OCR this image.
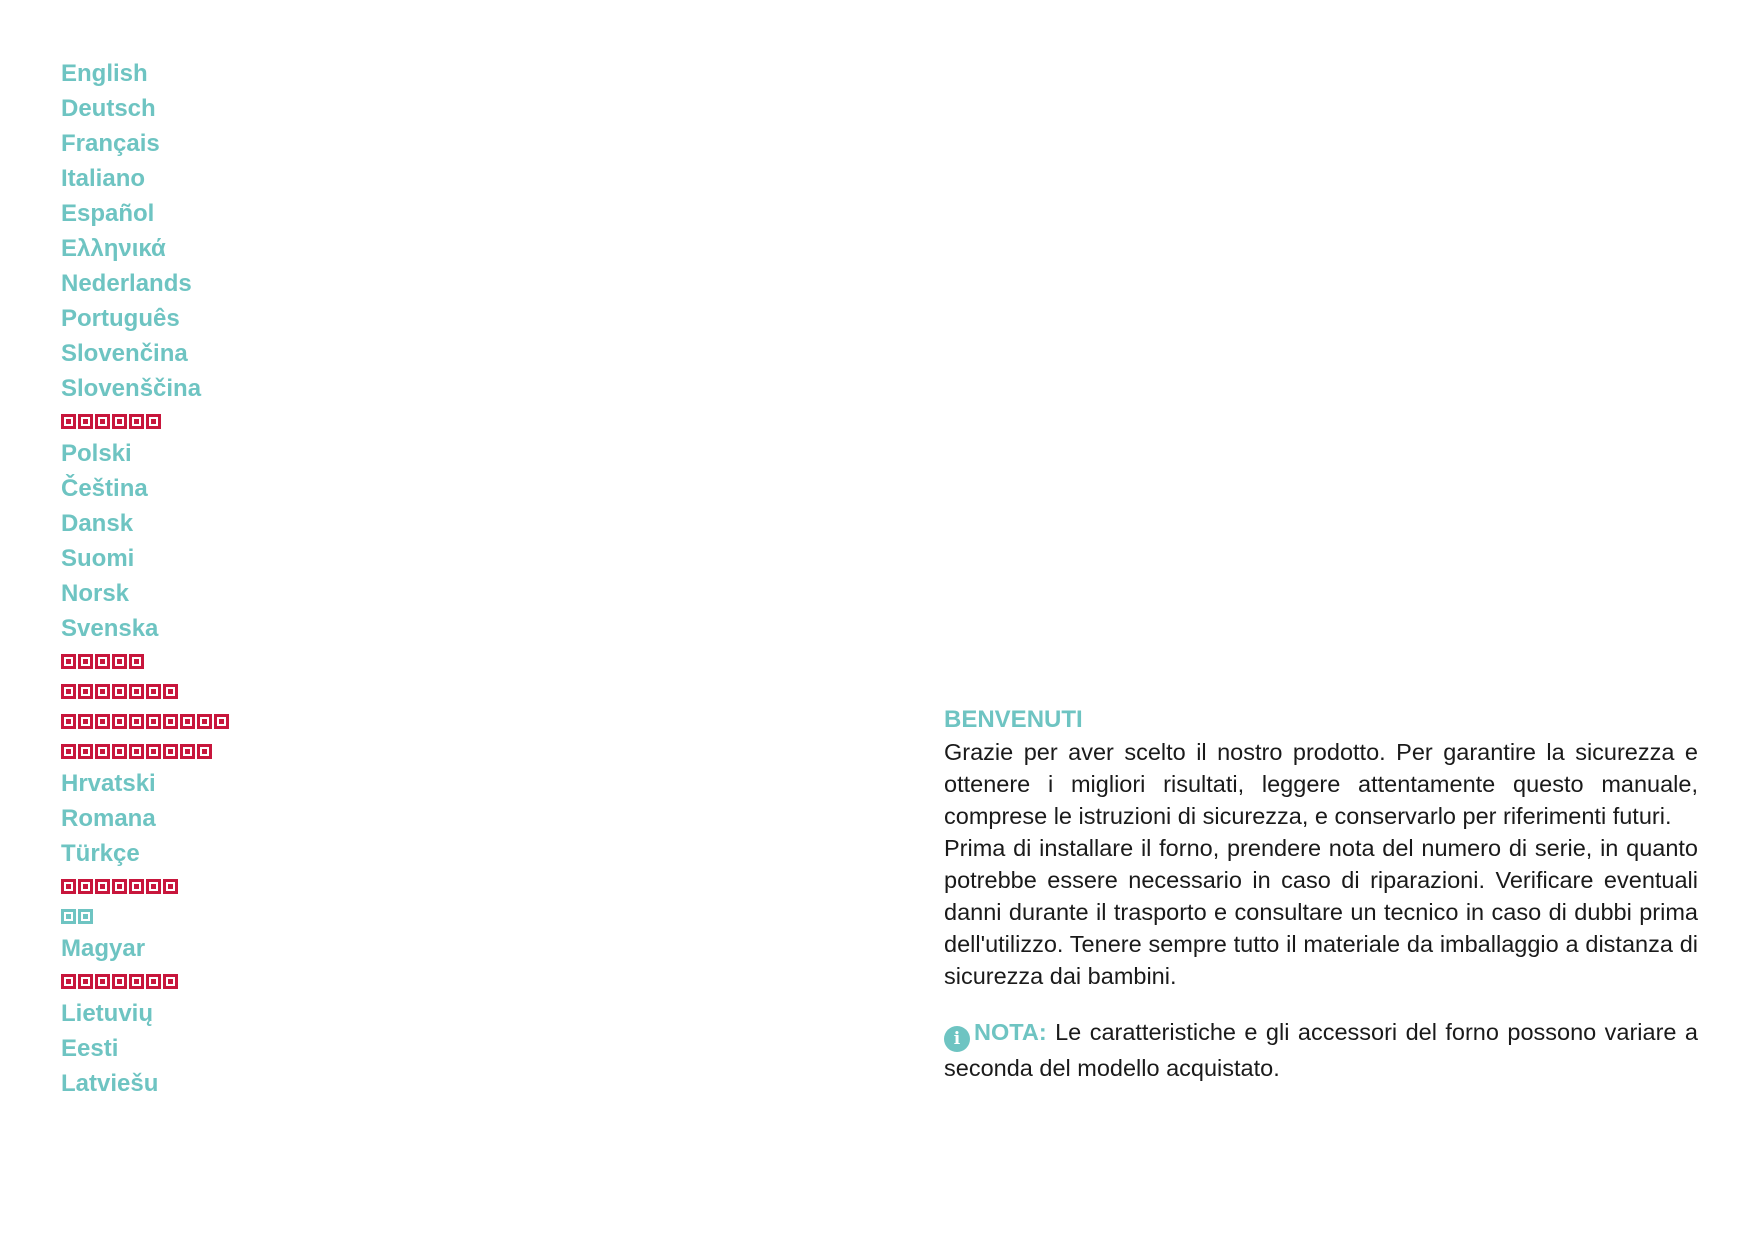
English
Deutsch
Français
Italiano
Español
Ελληνικά
Nederlands
Português
Slovenčina
Slovenščina
Polski
Čeština
Dansk
Suomi
Norsk
Svenska
Hrvatski
Romana
Türkçe
Magyar
Lietuvių
Eesti
Latviešu
BENVENUTI

Grazie per aver scelto il nostro prodotto. Per garantire la sicurezza e ottenere i migliori risultati, leggere attentamente questo manuale, comprese le istruzioni di sicurezza, e conservarlo per riferimenti futuri.

Prima di installare il forno, prendere nota del numero di serie, in quanto potrebbe essere necessario in caso di riparazioni. Verificare eventuali danni durante il trasporto e consultare un tecnico in caso di dubbi prima dell'utilizzo. Tenere sempre tutto il materiale da imballaggio a distanza di sicurezza dai bambini.

i NOTA: Le caratteristiche e gli accessori del forno possono variare a seconda del modello acquistato.
